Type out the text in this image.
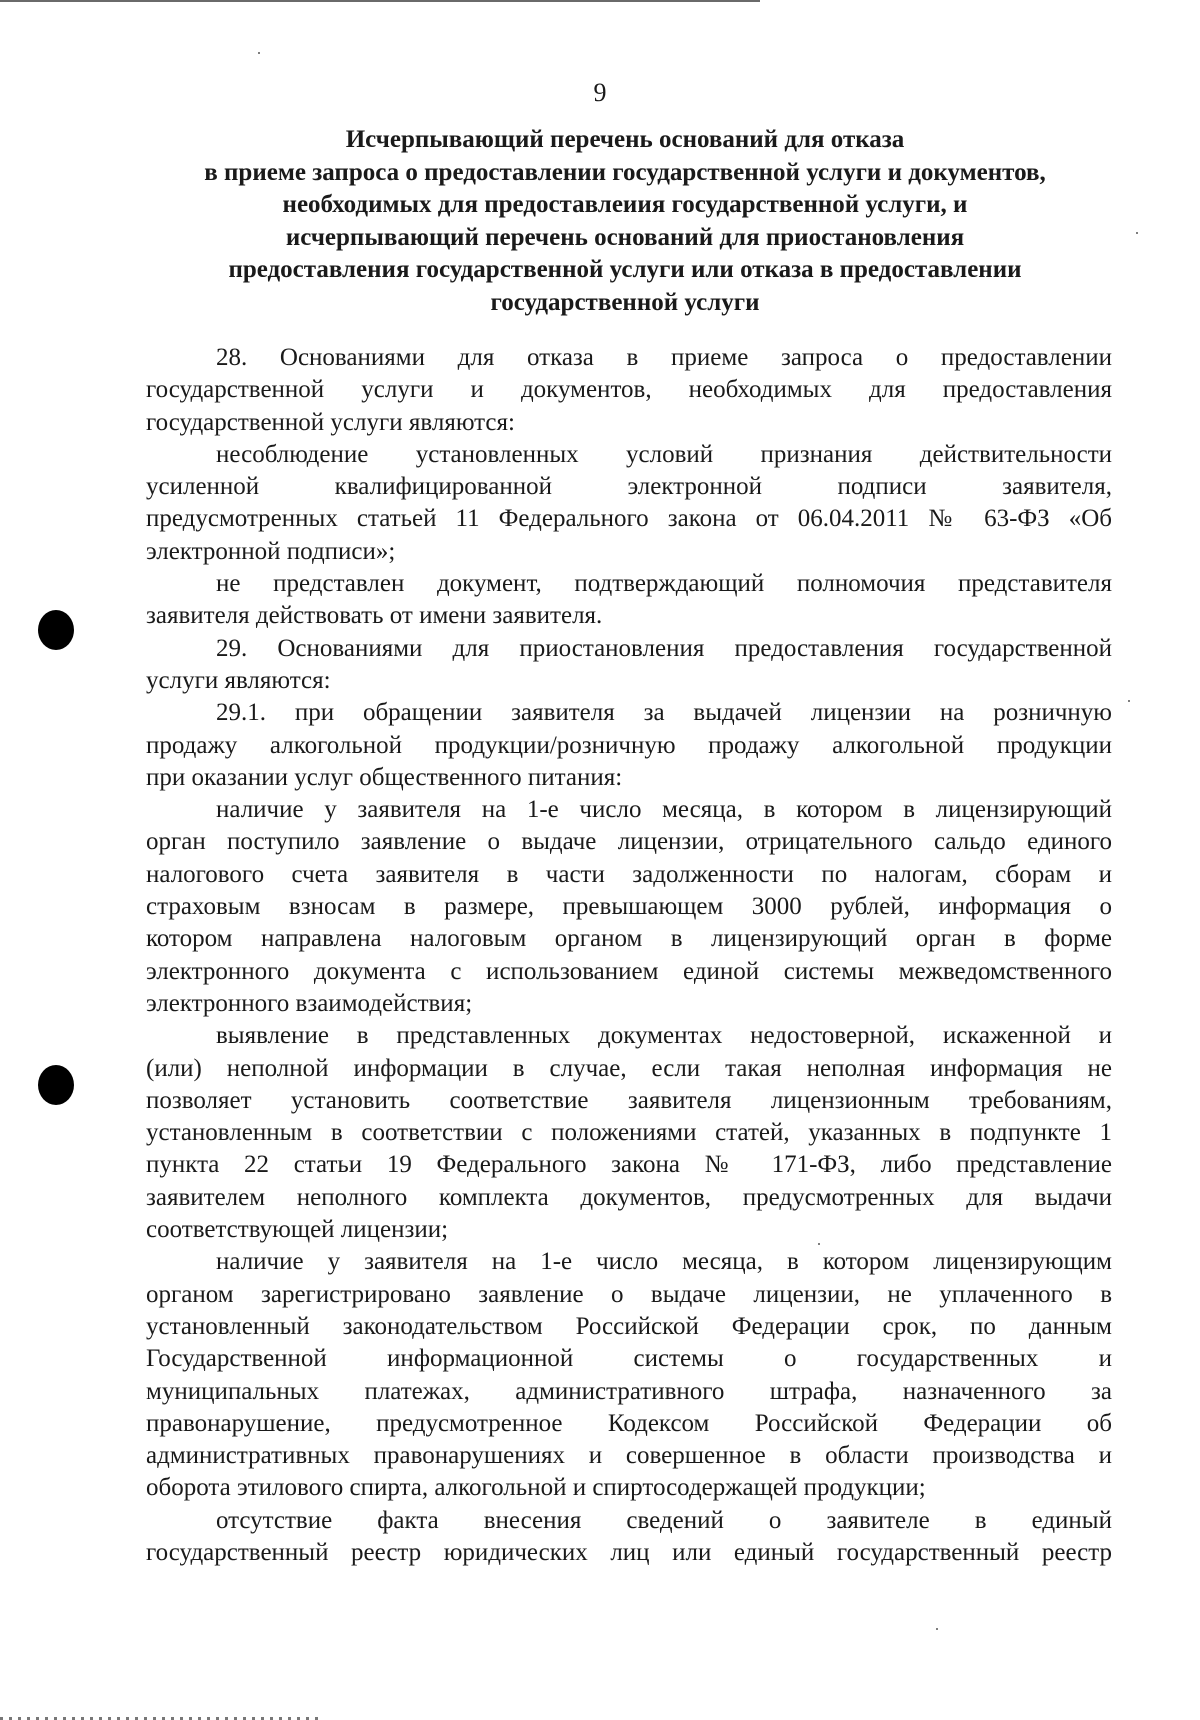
9
Исчерпывающий перечень оснований для отказа
в приеме запроса о предоставлении государственной услуги и документов,
необходимых для предоставлеиия государственной услуги, и
исчерпывающий перечень оснований для приостановления
предоставления государственной услуги или отказа в предоставлении
государственной услуги
28. Основаниями для отказа в приеме запроса о предоставлении
государственной услуги и документов, необходимых для предоставления
государственной услуги являются:
несоблюдение установленных условий признания действительности
усиленной квалифицированной электронной подписи заявителя,
предусмотренных статьей 11 Федерального закона от 06.04.2011 № 63-ФЗ «Об
электронной подписи»;
не представлен документ, подтверждающий полномочия представителя
заявителя действовать от имени заявителя.
29. Основаниями для приостановления предоставления государственной
услуги являются:
29.1. при обращении заявителя за выдачей лицензии на розничную
продажу алкогольной продукции/розничную продажу алкогольной продукции
при оказании услуг общественного питания:
наличие у заявителя на 1-е число месяца, в котором в лицензирующий
орган поступило заявление о выдаче лицензии, отрицательного сальдо единого
налогового счета заявителя в части задолженности по налогам, сборам и
страховым взносам в размере, превышающем 3000 рублей, информация о
котором направлена налоговым органом в лицензирующий орган в форме
электронного документа с использованием единой системы межведомственного
электронного взаимодействия;
выявление в представленных документах недостоверной, искаженной и
(или) неполной информации в случае, если такая неполная информация не
позволяет установить соответствие заявителя лицензионным требованиям,
установленным в соответствии с положениями статей, указанных в подпункте 1
пункта 22 статьи 19 Федерального закона № 171-ФЗ, либо представление
заявителем неполного комплекта документов, предусмотренных для выдачи
соответствующей лицензии;
наличие у заявителя на 1-е число месяца, в котором лицензирующим
органом зарегистрировано заявление о выдаче лицензии, не уплаченного в
установленный законодательством Российской Федерации срок, по данным
Государственной информационной системы о государственных и
муниципальных платежах, административного штрафа, назначенного за
правонарушение, предусмотренное Кодексом Российской Федерации об
административных правонарушениях и совершенное в области производства и
оборота этилового спирта, алкогольной и спиртосодержащей продукции;
отсутствие факта внесения сведений о заявителе в единый
государственный реестр юридических лиц или единый государственный реестр
